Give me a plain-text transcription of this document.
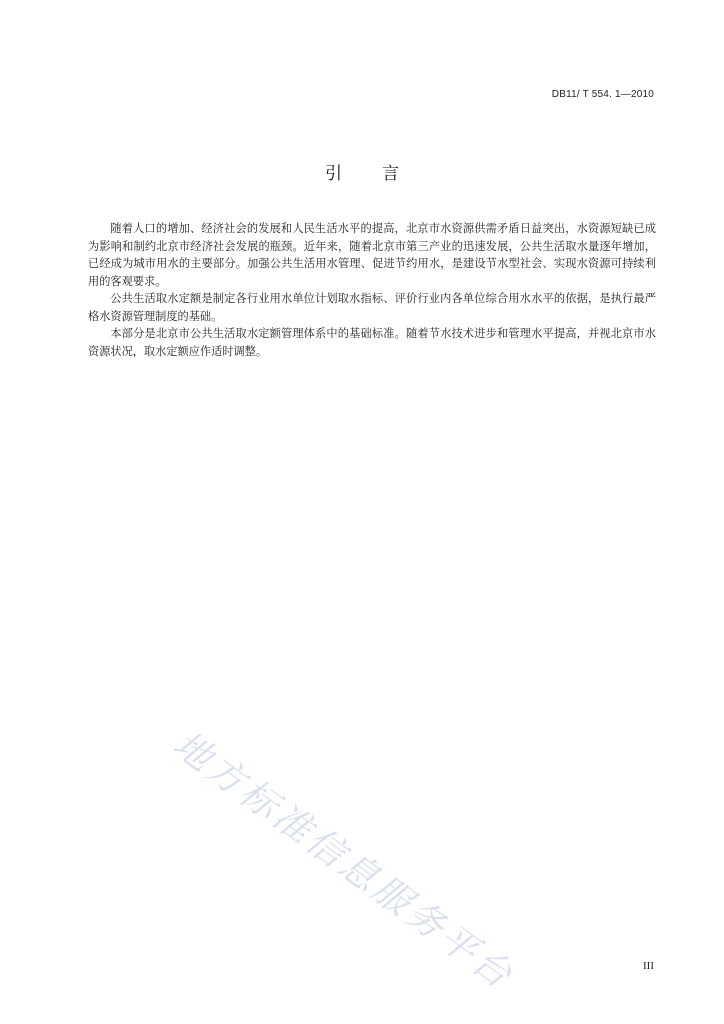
DB11/ T 554. 1—2010
引 言

随着人口的增加、经济社会的发展和人民生活水平的提高，北京市水资源供需矛盾日益突出，水资源短缺已成为影响和制约北京市经济社会发展的瓶颈。近年来，随着北京市第三产业的迅速发展，公共生活取水量逐年增加，已经成为城市用水的主要部分。加强公共生活用水管理、促进节约用水，是建设节水型社会、实现水资源可持续利用的客观要求。

公共生活取水定额是制定各行业用水单位计划取水指标、评价行业内各单位综合用水水平的依据，是执行最严格水资源管理制度的基础。

本部分是北京市公共生活取水定额管理体系中的基础标准。随着节水技术进步和管理水平提高，并视北京市水资源状况，取水定额应作适时调整。

地方标准信息服务平台	III
